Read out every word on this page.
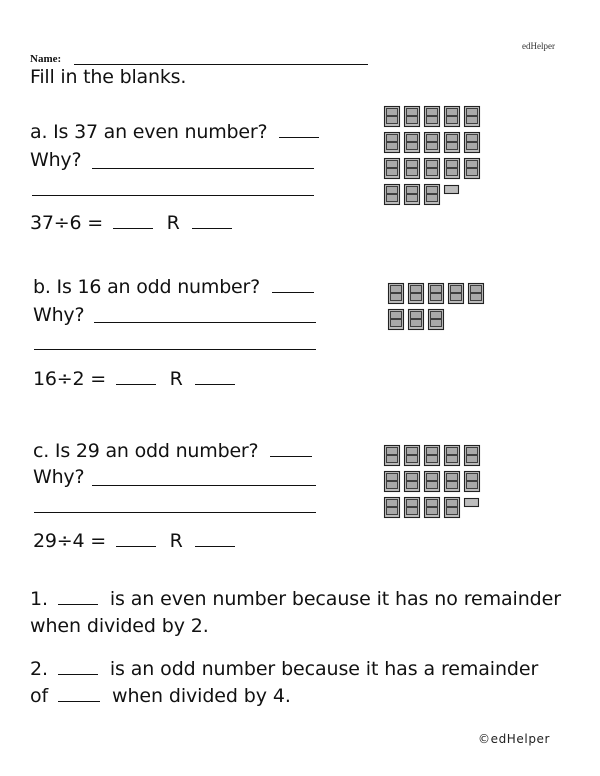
edHelper
Name:
Fill in the blanks.
a. Is 37 an even number?
Why?
37÷6 =	R
b. Is 16 an odd number?
Why?
16÷2 =	R
c. Is 29 an odd number?
Why?
29÷4 =	R
1.	is an even number because it has no remainder
when divided by 2.
2.	is an odd number because it has a remainder
of	when divided by 4.
©edHelper
